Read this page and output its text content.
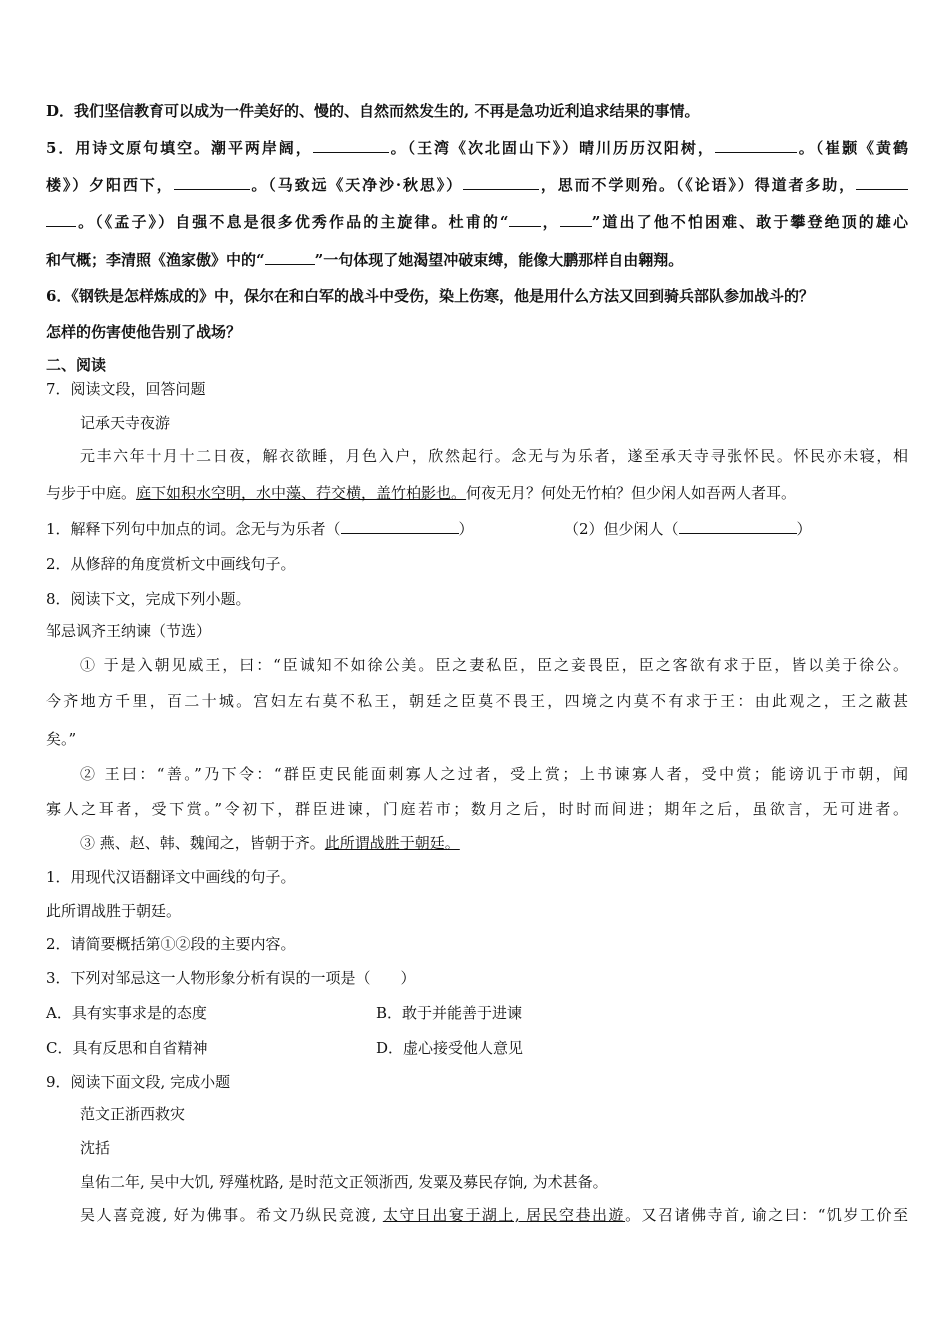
D．我们坚信教育可以成为一件美好的、慢的、自然而然发生的, 不再是急功近利追求结果的事情。
5．用诗文原句填空。潮平两岸阔，	。（王湾《次北固山下》）晴川历历汉阳树，	。（崔颢《黄鹤
楼》）夕阳西下，	。（马致远《天净沙·秋思》）	，思而不学则殆。（《论语》）得道者多助，
。（《孟子》）自强不息是很多优秀作品的主旋律。杜甫的“ ， ”道出了他不怕困难、敢于攀登绝顶的雄心
和气概；李清照《渔家傲》中的“	”一句体现了她渴望冲破束缚，能像大鹏那样自由翱翔。
6．《钢铁是怎样炼成的》中，保尔在和白军的战斗中受伤，染上伤寒，他是用什么方法又回到骑兵部队参加战斗的？
怎样的伤害使他告别了战场？
二、阅读
7．阅读文段，回答问题
记承天寺夜游
元丰六年十月十二日夜，解衣欲睡，月色入户，欣然起行。念无与为乐者，遂至承天寺寻张怀民。怀民亦未寝，相
与步于中庭。庭下如积水空明，水中藻、荇交横，盖竹柏影也。何夜无月？何处无竹柏？但少闲人如吾两人者耳。
1．解释下列句中加点的词。念无与为乐者（	）	（2）但少闲人（	）
2．从修辞的角度赏析文中画线句子。
8．阅读下文，完成下列小题。
邹忌讽齐王纳谏（节选）
① 于是入朝见威王，曰：“臣诚知不如徐公美。臣之妻私臣，臣之妾畏臣，臣之客欲有求于臣，皆以美于徐公。
今齐地方千里，百二十城。宫妇左右莫不私王，朝廷之臣莫不畏王，四境之内莫不有求于王：由此观之，王之蔽甚
矣。”
② 王曰：“善。”乃下令：“群臣吏民能面刺寡人之过者，受上赏；上书谏寡人者，受中赏；能谤讥于市朝，闻
寡人之耳者，受下赏。”令初下，群臣进谏，门庭若市；数月之后，时时而间进；期年之后，虽欲言，无可进者。
③ 燕、赵、韩、魏闻之，皆朝于齐。此所谓战胜于朝廷。
1．用现代汉语翻译文中画线的句子。
此所谓战胜于朝廷。
2．请简要概括第①②段的主要内容。
3．下列对邹忌这一人物形象分析有误的一项是（　　）
A．具有实事求是的态度	B．敢于并能善于进谏
C．具有反思和自省精神	D．虚心接受他人意见
9．阅读下面文段, 完成小题
范文正浙西救灾
沈括
皇佑二年, 吴中大饥, 殍殣枕路, 是时范文正领浙西, 发粟及募民存饷, 为术甚备。
吴人喜竞渡, 好为佛事。希文乃纵民竞渡, 太守日出宴于湖上, 居民空巷出遊。又召诸佛寺首, 谕之曰：“饥岁工价至
